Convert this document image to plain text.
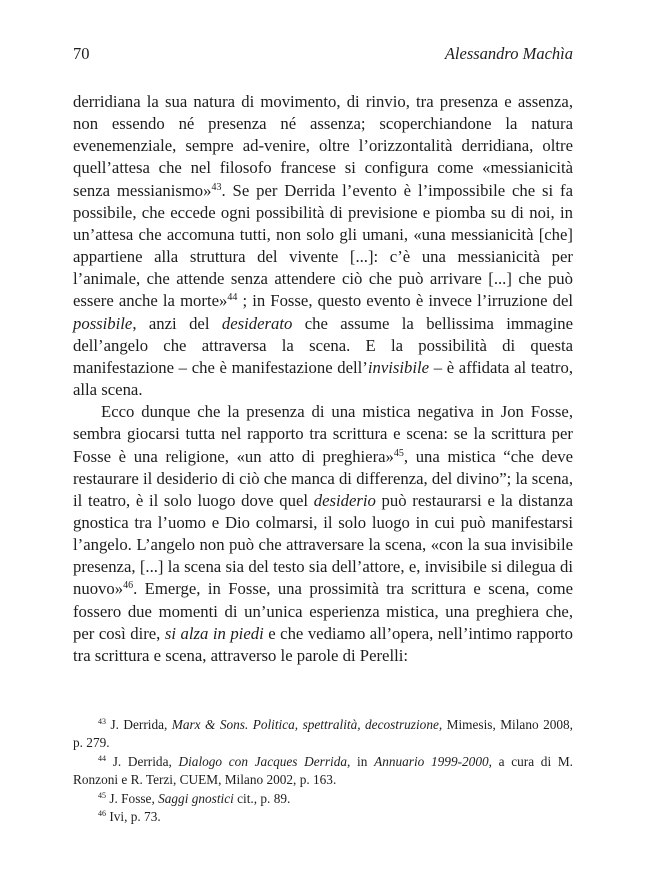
70	Alessandro Machìa

derridiana la sua natura di movimento, di rinvio, tra presenza e assenza, non essendo né presenza né assenza; scoperchiandone la natura evenemenziale, sempre ad-venire, oltre l’orizzontalità derridiana, oltre quell’attesa che nel filosofo francese si configura come «messianicità senza messianismo»$^{43}$. Se per Derrida l’evento è l’impossibile che si fa possibile, che eccede ogni possibilità di previsione e piomba su di noi, in un’attesa che accomuna tutti, non solo gli umani, «una messianicità [che] appartiene alla struttura del vivente [...]: c’è una messianicità per l’animale, che attende senza attendere ciò che può arrivare [...] che può essere anche la morte»$^{44}$ ; in Fosse, questo evento è invece l’irruzione del possibile, anzi del desiderato che assume la bellissima immagine dell’angelo che attraversa la scena. E la possibilità di questa manifestazione – che è manifestazione dell’invisibile – è affidata al teatro, alla scena.

Ecco dunque che la presenza di una mistica negativa in Jon Fosse, sembra giocarsi tutta nel rapporto tra scrittura e scena: se la scrittura per Fosse è una religione, «un atto di preghiera»$^{45}$, una mistica “che deve restaurare il desiderio di ciò che manca di differenza, del divino”; la scena, il teatro, è il solo luogo dove quel desiderio può restaurarsi e la distanza gnostica tra l’uomo e Dio colmarsi, il solo luogo in cui può manifestarsi l’angelo. L’angelo non può che attraversare la scena, «con la sua invisibile presenza, [...] la scena sia del testo sia dell’attore, e, invisibile si dilegua di nuovo»$^{46}$. Emerge, in Fosse, una prossimità tra scrittura e scena, come fossero due momenti di un’unica esperienza mistica, una preghiera che, per così dire, si alza in piedi e che vediamo all’opera, nell’intimo rapporto tra scrittura e scena, attraverso le parole di Perelli:

$^{43}$ J. Derrida, Marx & Sons. Politica, spettralità, decostruzione, Mimesis, Milano 2008, p. 279.

$^{44}$ J. Derrida, Dialogo con Jacques Derrida, in Annuario 1999-2000, a cura di M. Ronzoni e R. Terzi, CUEM, Milano 2002, p. 163.

$^{45}$ J. Fosse, Saggi gnostici cit., p. 89.

$^{46}$ Ivi, p. 73.
